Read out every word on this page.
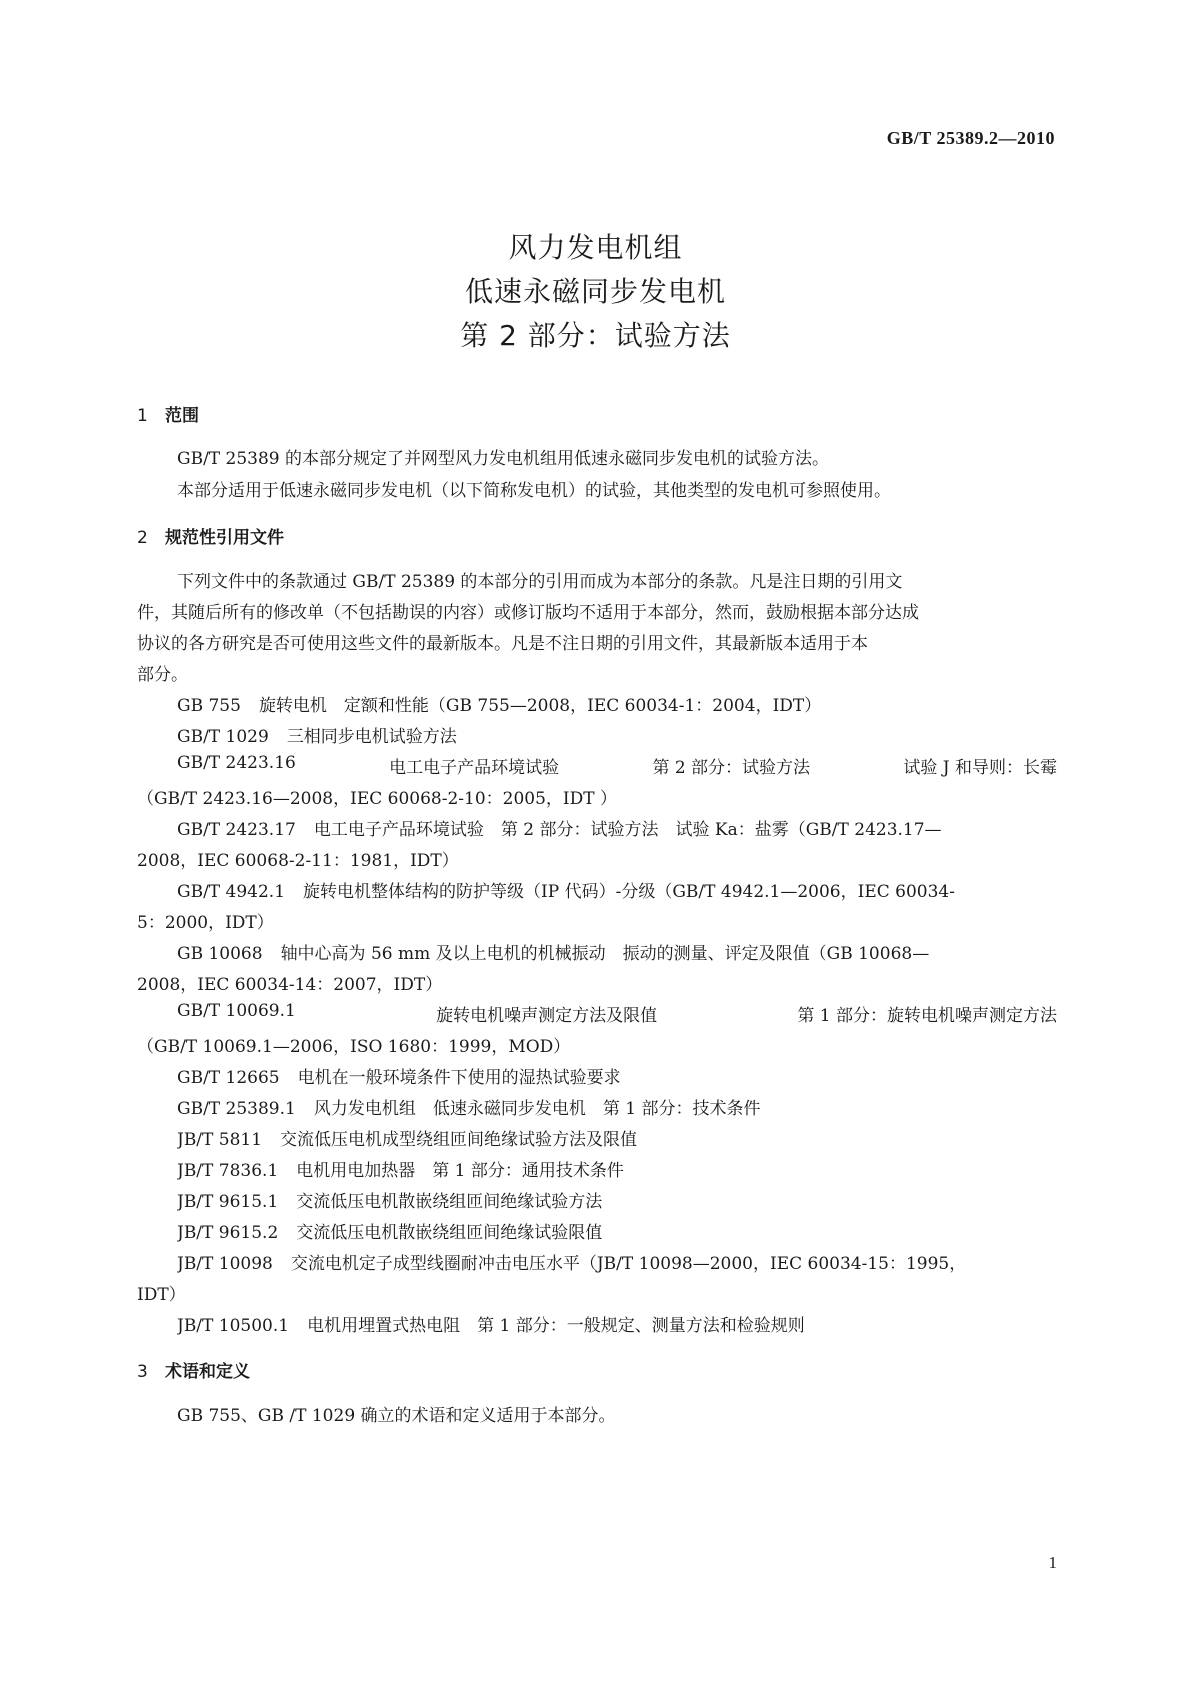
GB/T 25389.2—2010
风力发电机组
低速永磁同步发电机
第 2 部分：试验方法
1 范围
GB/T 25389 的本部分规定了并网型风力发电机组用低速永磁同步发电机的试验方法。
本部分适用于低速永磁同步发电机（以下简称发电机）的试验，其他类型的发电机可参照使用。
2 规范性引用文件
下列文件中的条款通过 GB/T 25389 的本部分的引用而成为本部分的条款。凡是注日期的引用文
件，其随后所有的修改单（不包括勘误的内容）或修订版均不适用于本部分，然而，鼓励根据本部分达成
协议的各方研究是否可使用这些文件的最新版本。凡是不注日期的引用文件，其最新版本适用于本
部分。
GB 755 旋转电机　定额和性能（GB 755—2008，IEC 60034-1：2004，IDT）
GB/T 1029 三相同步电机试验方法
GB/T 2423.16	电工电子产品环境试验	第 2 部分：试验方法	试验 J 和导则：长霉
（GB/T 2423.16—2008，IEC 60068-2-10：2005，IDT ）
GB/T 2423.17 电工电子产品环境试验　第 2 部分：试验方法　试验 Ka：盐雾（GB/T 2423.17—
2008，IEC 60068-2-11：1981，IDT）
GB/T 4942.1 旋转电机整体结构的防护等级（IP 代码）-分级（GB/T 4942.1—2006，IEC 60034-
5：2000，IDT）
GB 10068 轴中心高为 56 mm 及以上电机的机械振动　振动的测量、评定及限值（GB 10068—
2008，IEC 60034-14：2007，IDT）
GB/T 10069.1	旋转电机噪声测定方法及限值	第 1 部分：旋转电机噪声测定方法
（GB/T 10069.1—2006，ISO 1680：1999，MOD）
GB/T 12665 电机在一般环境条件下使用的湿热试验要求
GB/T 25389.1 风力发电机组　低速永磁同步发电机　第 1 部分：技术条件
JB/T 5811 交流低压电机成型绕组匝间绝缘试验方法及限值
JB/T 7836.1 电机用电加热器　第 1 部分：通用技术条件
JB/T 9615.1 交流低压电机散嵌绕组匝间绝缘试验方法
JB/T 9615.2 交流低压电机散嵌绕组匝间绝缘试验限值
JB/T 10098 交流电机定子成型线圈耐冲击电压水平（JB/T 10098—2000，IEC 60034-15：1995，
IDT）
JB/T 10500.1 电机用埋置式热电阻　第 1 部分：一般规定、测量方法和检验规则
3 术语和定义
GB 755、GB /T 1029 确立的术语和定义适用于本部分。
1
